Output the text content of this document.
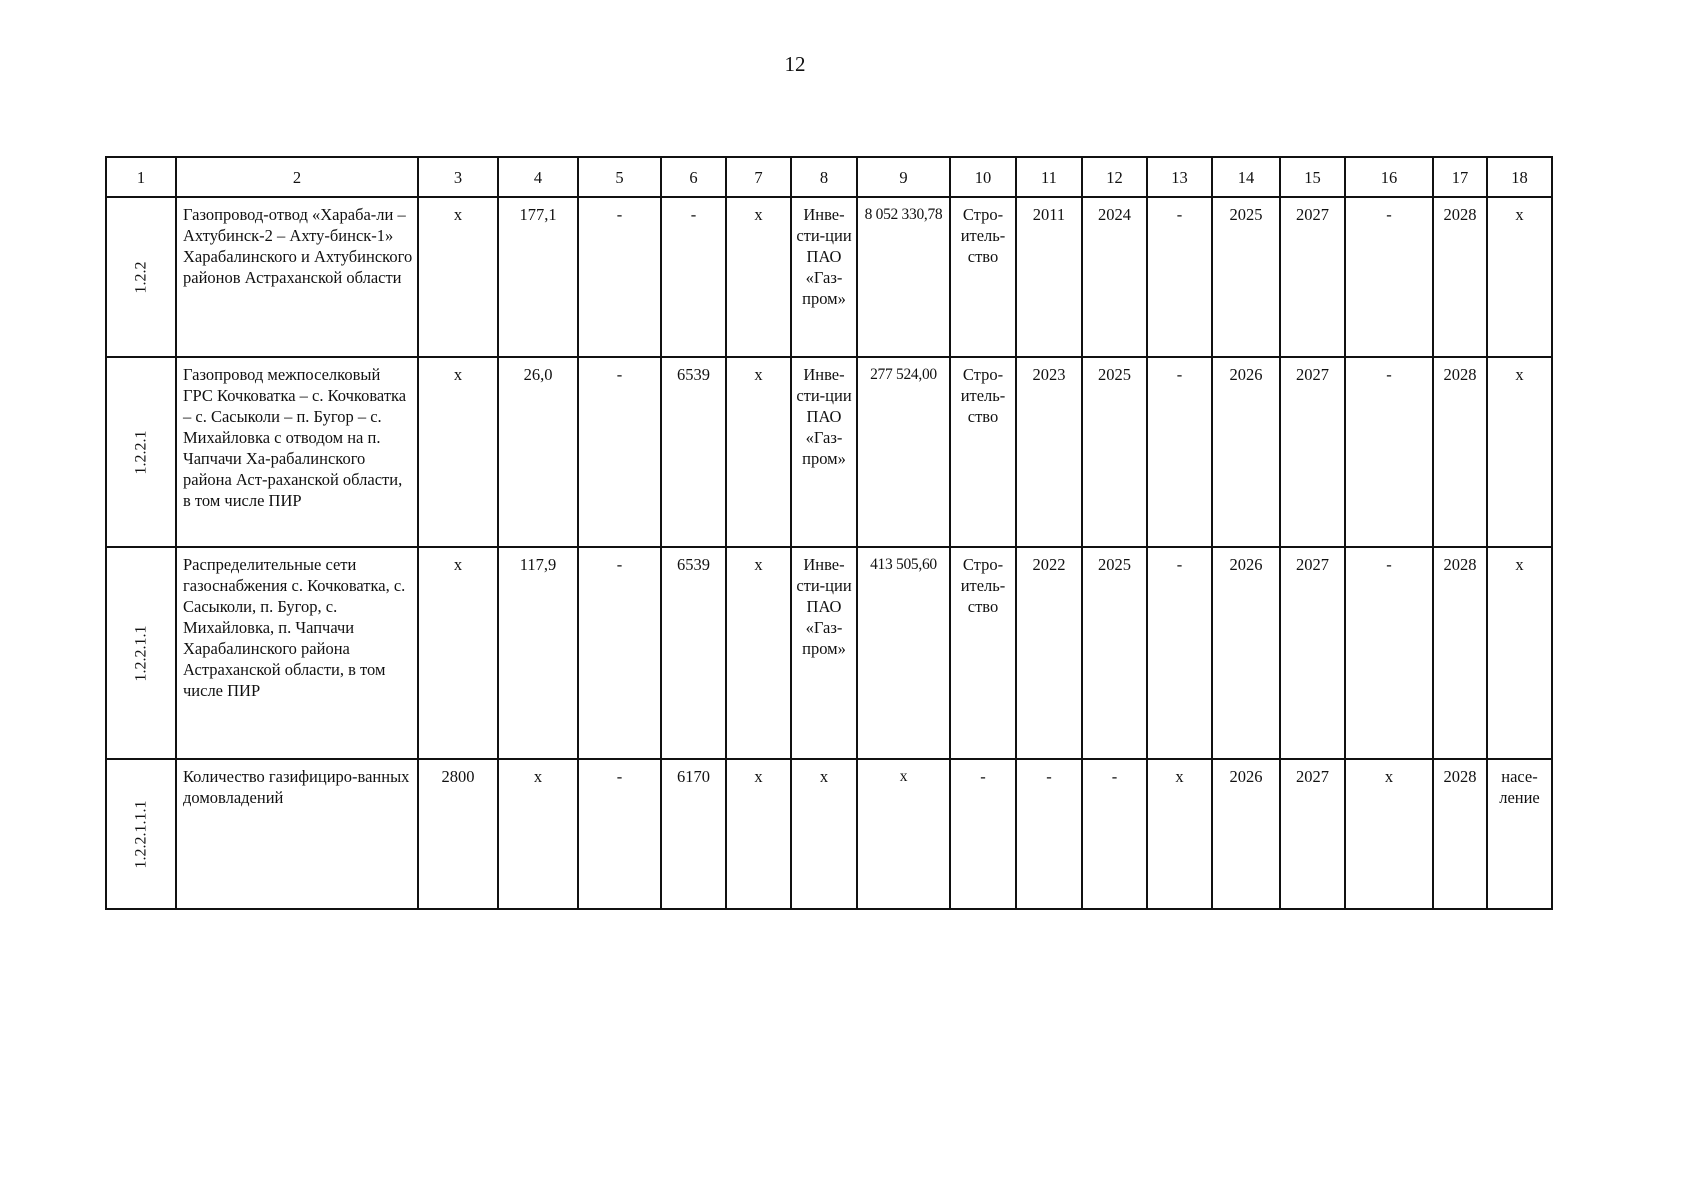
12
1	2	3	4	5	6	7	8	9	10	11	12	13	14	15	16	17	18
1.2.2	Газопровод-отвод «Хараба-ли – Ахтубинск-2 – Ахту-бинск-1» Харабалинского и Ахтубинского районов Астраханской области	х	177,1	-	-	х	Инве-сти-ции ПАО «Газ-пром»	8 052 330,78	Стро-итель-ство	2011	2024	-	2025	2027	-	2028	х
1.2.2.1	Газопровод межпоселковый ГРС Кочковатка – с. Кочковатка – с. Сасыколи – п. Бугор – с. Михайловка с отводом на п. Чапчачи Ха-рабалинского района Аст-раханской области, в том числе ПИР	х	26,0	-	6539	х	Инве-сти-ции ПАО «Газ-пром»	277 524,00	Стро-итель-ство	2023	2025	-	2026	2027	-	2028	х
1.2.2.1.1	Распределительные сети газоснабжения с. Кочковатка, с. Сасыколи, п. Бугор, с. Михайловка, п. Чапчачи Харабалинского района Астраханской области, в том числе ПИР	х	117,9	-	6539	х	Инве-сти-ции ПАО «Газ-пром»	413 505,60	Стро-итель-ство	2022	2025	-	2026	2027	-	2028	х
1.2.2.1.1.1	Количество газифициро-ванных домовладений	2800	х	-	6170	х	х	х	-	-	-	х	2026	2027	х	2028	насе-ление
